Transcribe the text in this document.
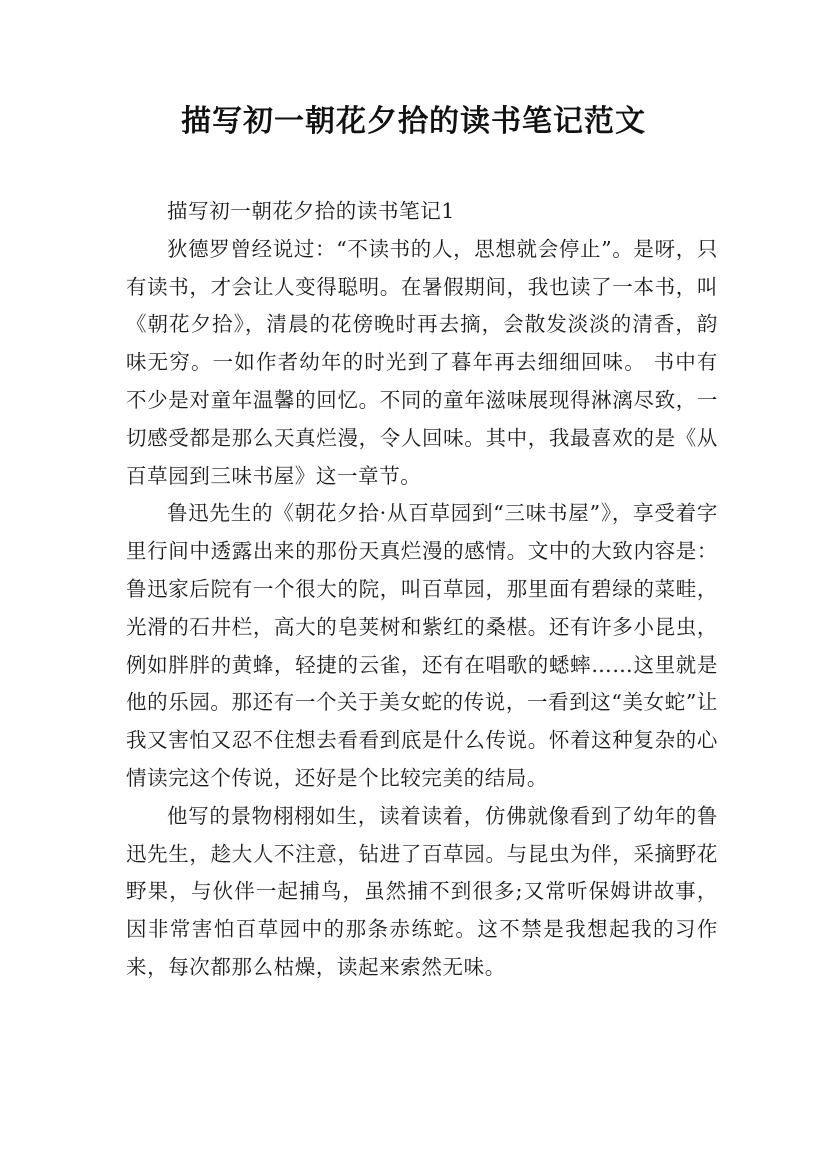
描写初一朝花夕拾的读书笔记范文

描写初一朝花夕拾的读书笔记1

狄德罗曾经说过：“不读书的人，思想就会停止”。是呀，只有读书，才会让人变得聪明。在暑假期间，我也读了一本书，叫《朝花夕拾》，清晨的花傍晚时再去摘，会散发淡淡的清香，韵味无穷。一如作者幼年的时光到了暮年再去细细回味。 书中有不少是对童年温馨的回忆。不同的童年滋味展现得淋漓尽致，一切感受都是那么天真烂漫，令人回味。其中，我最喜欢的是《从百草园到三味书屋》这一章节。

鲁迅先生的《朝花夕拾·从百草园到“三味书屋”》，享受着字里行间中透露出来的那份天真烂漫的感情。文中的大致内容是：鲁迅家后院有一个很大的院，叫百草园，那里面有碧绿的菜畦，光滑的石井栏，高大的皂荚树和紫红的桑椹。还有许多小昆虫，例如胖胖的黄蜂，轻捷的云雀，还有在唱歌的蟋蟀……这里就是他的乐园。那还有一个关于美女蛇的传说，一看到这“美女蛇”让我又害怕又忍不住想去看看到底是什么传说。怀着这种复杂的心情读完这个传说，还好是个比较完美的结局。

他写的景物栩栩如生，读着读着，仿佛就像看到了幼年的鲁迅先生，趁大人不注意，钻进了百草园。与昆虫为伴，采摘野花野果，与伙伴一起捕鸟，虽然捕不到很多;又常听保姆讲故事，因非常害怕百草园中的那条赤练蛇。这不禁是我想起我的习作来，每次都那么枯燥，读起来索然无味。
